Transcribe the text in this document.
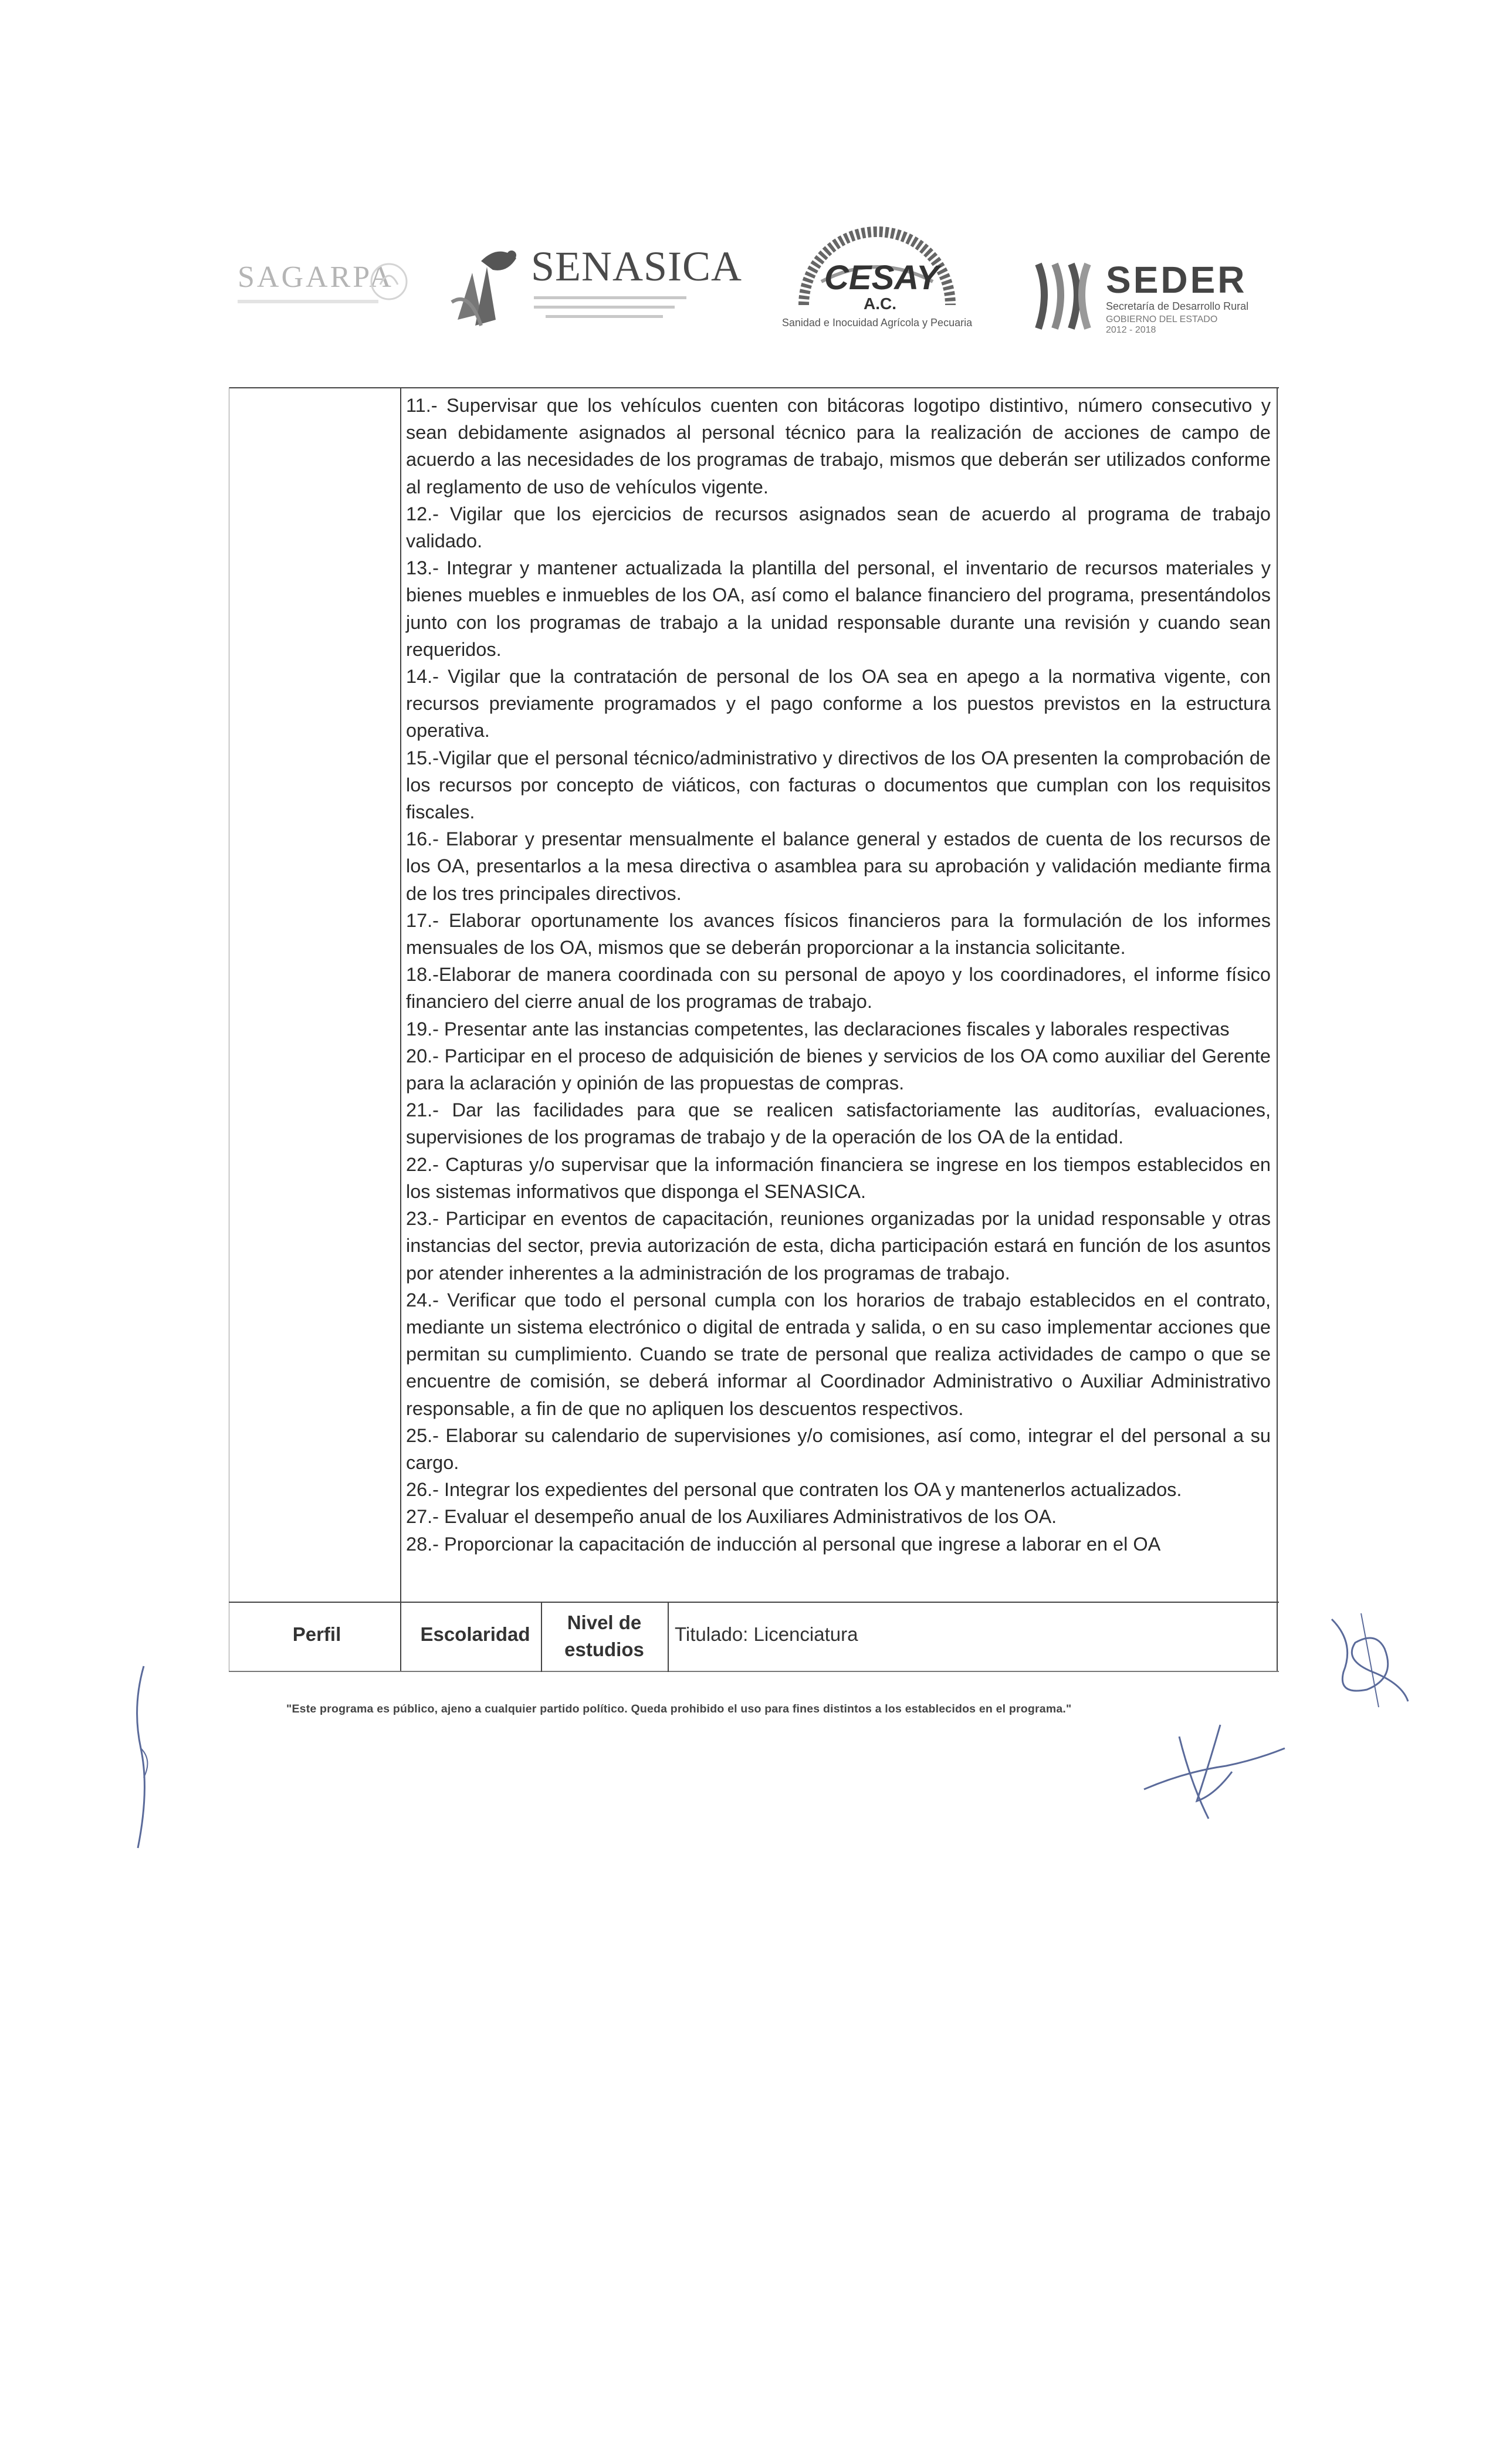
SAGARPA	SENASICA CESAY
A.C.
Sanidad e Inocuidad Agrícola y Pecuaria
SEDER
Secretaría de Desarrollo Rural
GOBIERNO DEL ESTADO
2012 - 2018

11.- Supervisar que los vehículos cuenten con bitácoras logotipo distintivo, número consecutivo y sean debidamente asignados al personal técnico para la realización de acciones de campo de acuerdo a las necesidades de los programas de trabajo, mismos que deberán ser utilizados conforme al reglamento de uso de vehículos vigente.

12.- Vigilar que los ejercicios de recursos asignados sean de acuerdo al programa de trabajo validado.

13.- Integrar y mantener actualizada la plantilla del personal, el inventario de recursos materiales y bienes muebles e inmuebles de los OA, así como el balance financiero del programa, presentándolos junto con los programas de trabajo a la unidad responsable durante una revisión y cuando sean requeridos.

14.- Vigilar que la contratación de personal de los OA sea en apego a la normativa vigente, con recursos previamente programados y el pago conforme a los puestos previstos en la estructura operativa.

15.-Vigilar que el personal técnico/administrativo y directivos de los OA presenten la comprobación de los recursos por concepto de viáticos, con facturas o documentos que cumplan con los requisitos fiscales.

16.- Elaborar y presentar mensualmente el balance general y estados de cuenta de los recursos de los OA, presentarlos a la mesa directiva o asamblea para su aprobación y validación mediante firma de los tres principales directivos.

17.- Elaborar oportunamente los avances físicos financieros para la formulación de los informes mensuales de los OA, mismos que se deberán proporcionar a la instancia solicitante.

18.-Elaborar de manera coordinada con su personal de apoyo y los coordinadores, el informe físico financiero del cierre anual de los programas de trabajo.

19.- Presentar ante las instancias competentes, las declaraciones fiscales y laborales respectivas

20.- Participar en el proceso de adquisición de bienes y servicios de los OA como auxiliar del Gerente para la aclaración y opinión de las propuestas de compras.

21.- Dar las facilidades para que se realicen satisfactoriamente las auditorías, evaluaciones, supervisiones de los programas de trabajo y de la operación de los OA de la entidad.

22.- Capturas y/o supervisar que la información financiera se ingrese en los tiempos establecidos en los sistemas informativos que disponga el SENASICA.

23.- Participar en eventos de capacitación, reuniones organizadas por la unidad responsable y otras instancias del sector, previa autorización de esta, dicha participación estará en función de los asuntos por atender inherentes a la administración de los programas de trabajo.

24.- Verificar que todo el personal cumpla con los horarios de trabajo establecidos en el contrato, mediante un sistema electrónico o digital de entrada y salida, o en su caso implementar acciones que permitan su cumplimiento. Cuando se trate de personal que realiza actividades de campo o que se encuentre de comisión, se deberá informar al Coordinador Administrativo o Auxiliar Administrativo responsable, a fin de que no apliquen los descuentos respectivos.

25.- Elaborar su calendario de supervisiones y/o comisiones, así como, integrar el del personal a su cargo.

26.- Integrar los expedientes del personal que contraten los OA y mantenerlos actualizados.

27.- Evaluar el desempeño anual de los Auxiliares Administrativos de los OA.

28.- Proporcionar la capacitación de inducción al personal que ingrese a laborar en el OA

Perfil	Escolaridad
Nivel de estudios
Titulado: Licenciatura
"Este programa es público, ajeno a cualquier partido político. Queda prohibido el uso para fines distintos a los establecidos en el programa."
